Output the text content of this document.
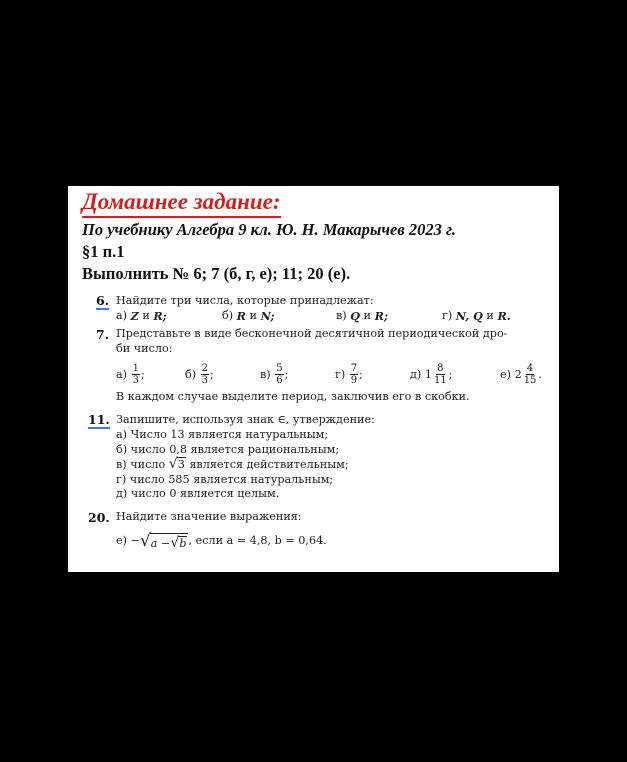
Домашнее задание:
По учебнику Алгебра 9 кл. Ю. Н. Макарычев 2023 г.
§1 п.1
Выполнить № 6; 7 (б, г, е); 11; 20 (е).
6. Найдите три числа, которые принадлежат:
а)
Z
и
R;	б)
R
и
N;	в)
Q
и
R;	г)
N, Q
и
R.
7. Представьте в виде бесконечной десятичной периодической дро-
би число:
а)
$\frac{1}{3}$ ;	б)
$\frac{2}{3}$ ;	в)
$\frac{5}{6}$ ;	г)
$\frac{7}{9}$ ;	д)
$1 \frac{8}{11}$ ;	е)
$2 \frac{4}{15}$ .
В каждом случае выделите период, заключив его в скобки.
11. Запишите, используя знак ∈, утверждение:
а) Число 13 является натуральным;
б) число 0,8 является рациональным;
в) число √ 3 является действительным;
г) число 585 является натуральным;
д) число 0 является целым.
20. Найдите значение выражения:
е)
− √ a − √ b , если a = 4,8, b = 0,64.
